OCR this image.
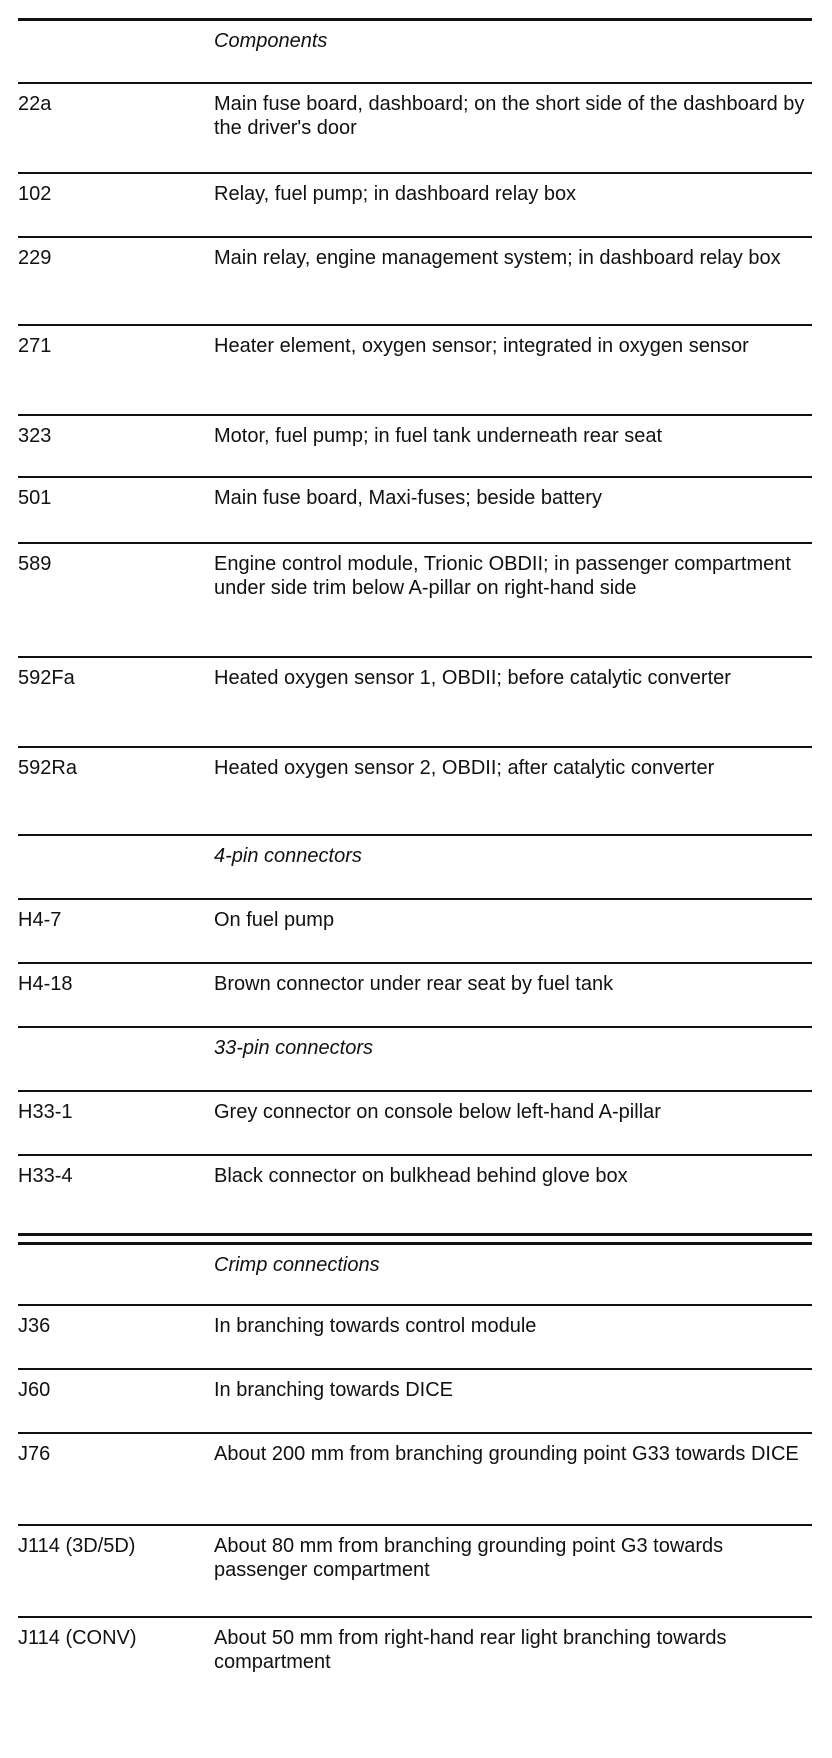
Components
22a	Main fuse board, dashboard; on the short side of the dashboard by the driver's door
102	Relay, fuel pump; in dashboard relay box
229	Main relay, engine management system; in dashboard relay box
271	Heater element, oxygen sensor; integrated in oxygen sensor
323	Motor, fuel pump; in fuel tank underneath rear seat
501	Main fuse board, Maxi-fuses; beside battery
589	Engine control module, Trionic OBDII; in passenger compartment under side trim below A-pillar on right-hand side
592Fa	Heated oxygen sensor 1, OBDII; before catalytic converter
592Ra	Heated oxygen sensor 2, OBDII; after catalytic converter
4-pin connectors
H4-7	On fuel pump
H4-18	Brown connector under rear seat by fuel tank
33-pin connectors
H33-1	Grey connector on console below left-hand A-pillar
H33-4	Black connector on bulkhead behind glove box
Crimp connections
J36	In branching towards control module
J60	In branching towards DICE
J76	About 200 mm from branching grounding point G33 towards DICE
J114 (3D/5D)	About 80 mm from branching grounding point G3 towards passenger compartment
J114 (CONV)	About 50 mm from right-hand rear light branching towards compartment
